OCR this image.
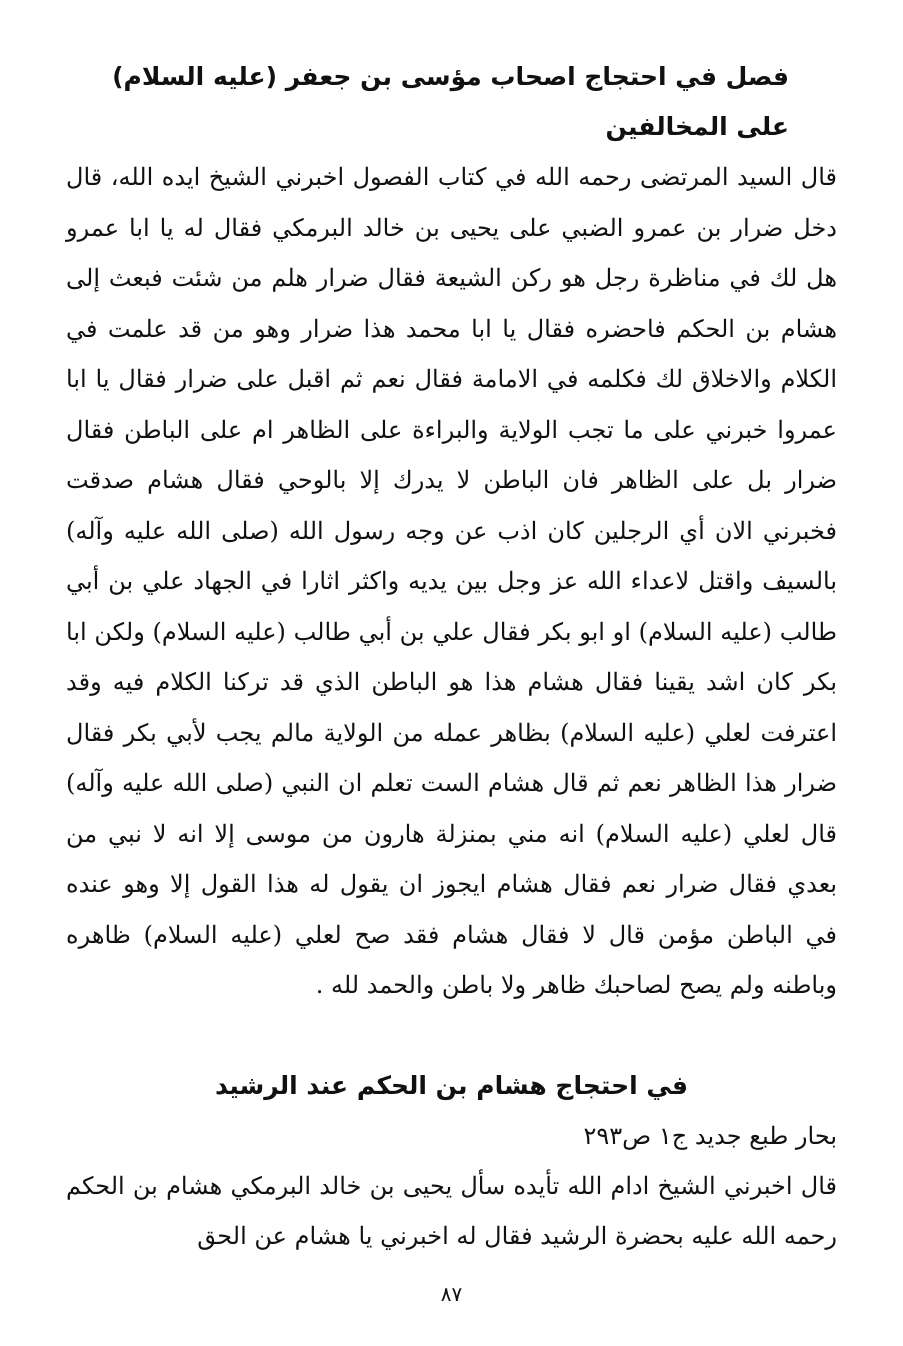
فصل في احتجاج اصحاب مؤسى بن جعفر (عليه السلام) على المخالفين

قال السيد المرتضى رحمه الله في كتاب الفصول اخبرني الشيخ ايده الله، قال دخل ضرار بن عمرو الضبي على يحيى بن خالد البرمكي فقال له يا ابا عمرو هل لك في مناظرة رجل هو ركن الشيعة فقال ضرار هلم من شئت فبعث إلى هشام بن الحكم فاحضره فقال يا ابا محمد هذا ضرار وهو من قد علمت في الكلام والاخلاق لك فكلمه في الامامة فقال نعم ثم اقبل على ضرار فقال يا ابا عمروا خبرني على ما تجب الولاية والبراءة على الظاهر ام على الباطن فقال ضرار بل على الظاهر فان الباطن لا يدرك إلا بالوحي فقال هشام صدقت فخبرني الان أي الرجلين كان اذب عن وجه رسول الله (صلى الله عليه وآله) بالسيف واقتل لاعداء الله عز وجل بين يديه واكثر اثارا في الجهاد علي بن أبي طالب (عليه السلام) او ابو بكر فقال علي بن أبي طالب (عليه السلام) ولكن ابا بكر كان اشد يقينا فقال هشام هذا هو الباطن الذي قد تركنا الكلام فيه وقد اعترفت لعلي (عليه السلام) بظاهر عمله من الولاية مالم يجب لأبي بكر فقال ضرار هذا الظاهر نعم ثم قال هشام الست تعلم ان النبي (صلى الله عليه وآله) قال لعلي (عليه السلام) انه مني بمنزلة هارون من موسى إلا انه لا نبي من بعدي فقال ضرار نعم فقال هشام ايجوز ان يقول له هذا القول إلا وهو عنده في الباطن مؤمن قال لا فقال هشام فقد صح لعلي (عليه السلام) ظاهره وباطنه ولم يصح لصاحبك ظاهر ولا باطن والحمد لله .

في احتجاج هشام بن الحكم عند الرشيد

بحار طبع جديد ج١ ص٢٩٣

قال اخبرني الشيخ ادام الله تأيده سأل يحيى بن خالد البرمكي هشام بن الحكم رحمه الله عليه بحضرة الرشيد فقال له اخبرني يا هشام عن الحق

٨٧
